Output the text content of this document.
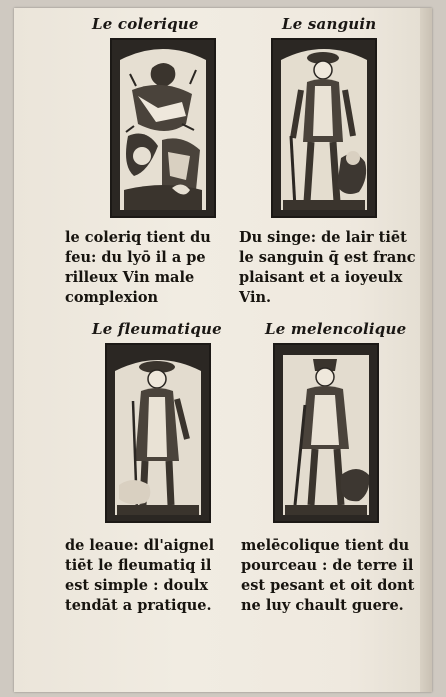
Le colerique	Le sanguin
le coleriq tient du
feu: du lyō il a pe
rilleux Vin male
complexion
Du singe: de lair tiēt
le sanguin q̄ est franc
plaisant et a ioyeulx
Vin.
Le fleumatique	Le melencolique
de leaue: dl'aignel
tiēt le fleumatiq il
est simple : doulx
tendāt a pratique.
melēcolique tient du
pourceau : de terre il
est pesant et oit dont
ne luy chault guere.
